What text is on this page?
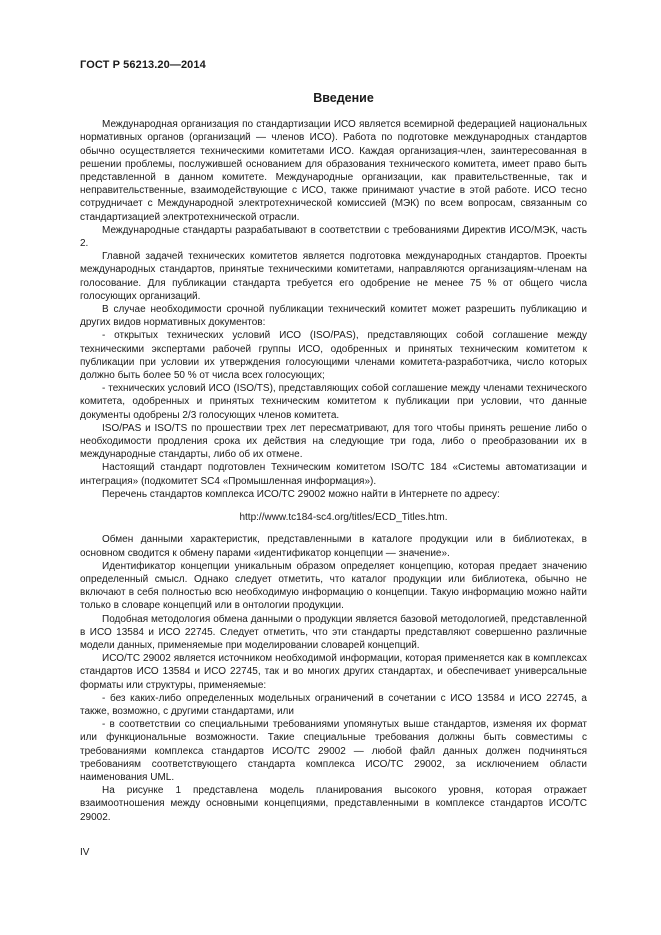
ГОСТ Р 56213.20—2014
Введение

Международная организация по стандартизации ИСО является всемирной федерацией национальных нормативных органов (организаций — членов ИСО). Работа по подготовке международных стандартов обычно осуществляется техническими комитетами ИСО. Каждая организация-член, заинтересованная в решении проблемы, послужившей основанием для образования технического комитета, имеет право быть представленной в данном комитете. Международные организации, как правительственные, так и неправительственные, взаимодействующие с ИСО, также принимают участие в этой работе. ИСО тесно сотрудничает с Международной электротехнической комиссией (МЭК) по всем вопросам, связанным со стандартизацией электротехнической отрасли.

Международные стандарты разрабатывают в соответствии с требованиями Директив ИСО/МЭК, часть 2.

Главной задачей технических комитетов является подготовка международных стандартов. Проекты международных стандартов, принятые техническими комитетами, направляются организациям-членам на голосование. Для публикации стандарта требуется его одобрение не менее 75 % от общего числа голосующих организаций.

В случае необходимости срочной публикации технический комитет может разрешить публикацию и других видов нормативных документов:

- открытых технических условий ИСО (ISO/PAS), представляющих собой соглашение между техническими экспертами рабочей группы ИСО, одобренных и принятых техническим комитетом к публикации при условии их утверждения голосующими членами комитета-разработчика, число которых должно быть более 50 % от числа всех голосующих;

- технических условий ИСО (ISO/TS), представляющих собой соглашение между членами технического комитета, одобренных и принятых техническим комитетом к публикации при условии, что данные документы одобрены 2/3 голосующих членов комитета.

ISO/PAS и ISO/TS по прошествии трех лет пересматривают, для того чтобы принять решение либо о необходимости продления срока их действия на следующие три года, либо о преобразовании их в международные стандарты, либо об их отмене.

Настоящий стандарт подготовлен Техническим комитетом ISO/TC 184 «Системы автоматизации и интеграция» (подкомитет SC4 «Промышленная информация»).

Перечень стандартов комплекса ИСО/ТС 29002 можно найти в Интернете по адресу:

http://www.tc184-sc4.org/titles/ECD_Titles.htm.

Обмен данными характеристик, представленными в каталоге продукции или в библиотеках, в основном сводится к обмену парами «идентификатор концепции — значение».

Идентификатор концепции уникальным образом определяет концепцию, которая предает значению определенный смысл. Однако следует отметить, что каталог продукции или библиотека, обычно не включают в себя полностью всю необходимую информацию о концепции. Такую информацию можно найти только в словаре концепций или в онтологии продукции.

Подобная методология обмена данными о продукции является базовой методологией, представленной в ИСО 13584 и ИСО 22745. Следует отметить, что эти стандарты представляют совершенно различные модели данных, применяемые при моделировании словарей концепций.

ИСО/ТС 29002 является источником необходимой информации, которая применяется как в комплексах стандартов ИСО 13584 и ИСО 22745, так и во многих других стандартах, и обеспечивает универсальные форматы или структуры, применяемые:

- без каких-либо определенных модельных ограничений в сочетании с ИСО 13584 и ИСО 22745, а также, возможно, с другими стандартами, или

- в соответствии со специальными требованиями упомянутых выше стандартов, изменяя их формат или функциональные возможности. Такие специальные требования должны быть совместимы с требованиями комплекса стандартов ИСО/ТС 29002 — любой файл данных должен подчиняться требованиям соответствующего стандарта комплекса ИСО/ТС 29002, за исключением области наименования UML.

На рисунке 1 представлена модель планирования высокого уровня, которая отражает взаимоотношения между основными концепциями, представленными в комплексе стандартов ИСО/ТС 29002.

IV
